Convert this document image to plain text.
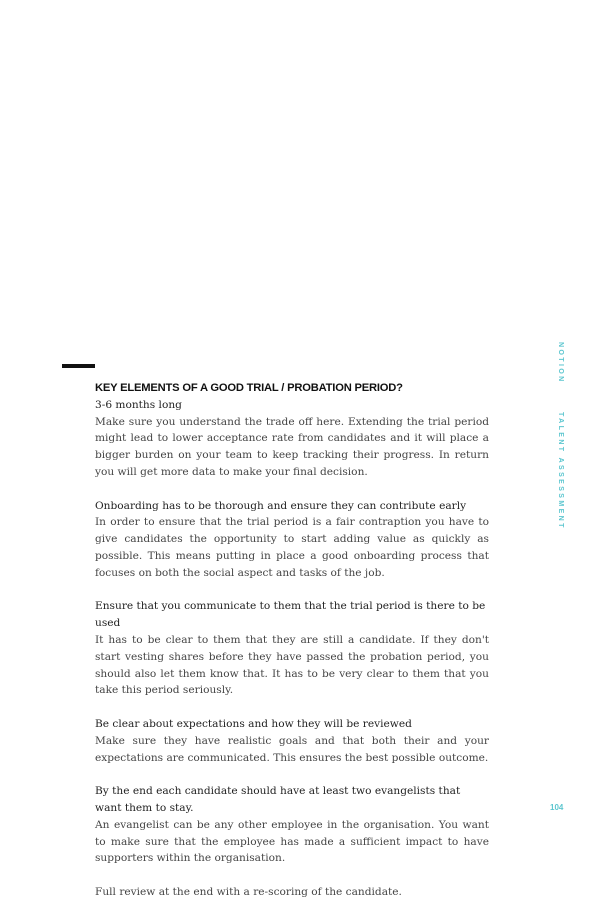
KEY ELEMENTS OF A GOOD TRIAL / PROBATION PERIOD?

3-6 months long

Make sure you understand the trade off here. Extending the trial period might lead to lower acceptance rate from candidates and it will place a bigger burden on your team to keep tracking their progress. In return you will get more data to make your final decision.

Onboarding has to be thorough and ensure they can contribute early

In order to ensure that the trial period is a fair contraption you have to give candidates the opportunity to start adding value as quickly as possible. This means putting in place a good onboarding process that focuses on both the social aspect and tasks of the job.

Ensure that you communicate to them that the trial period is there to be used

It has to be clear to them that they are still a candidate. If they don't start vesting shares before they have passed the probation period, you should also let them know that. It has to be very clear to them that you take this period seriously.

Be clear about expectations and how they will be reviewed

Make sure they have realistic goals and that both their and your expectations are communicated. This ensures the best possible outcome.

By the end each candidate should have at least two evangelists that want them to stay.

An evangelist can be any other employee in the organisation. You want to make sure that the employee has made a sufficient impact to have supporters within the organisation.

Full review at the end with a re-scoring of the candidate.

NOTION
TALENT ASSESSMENT
104
